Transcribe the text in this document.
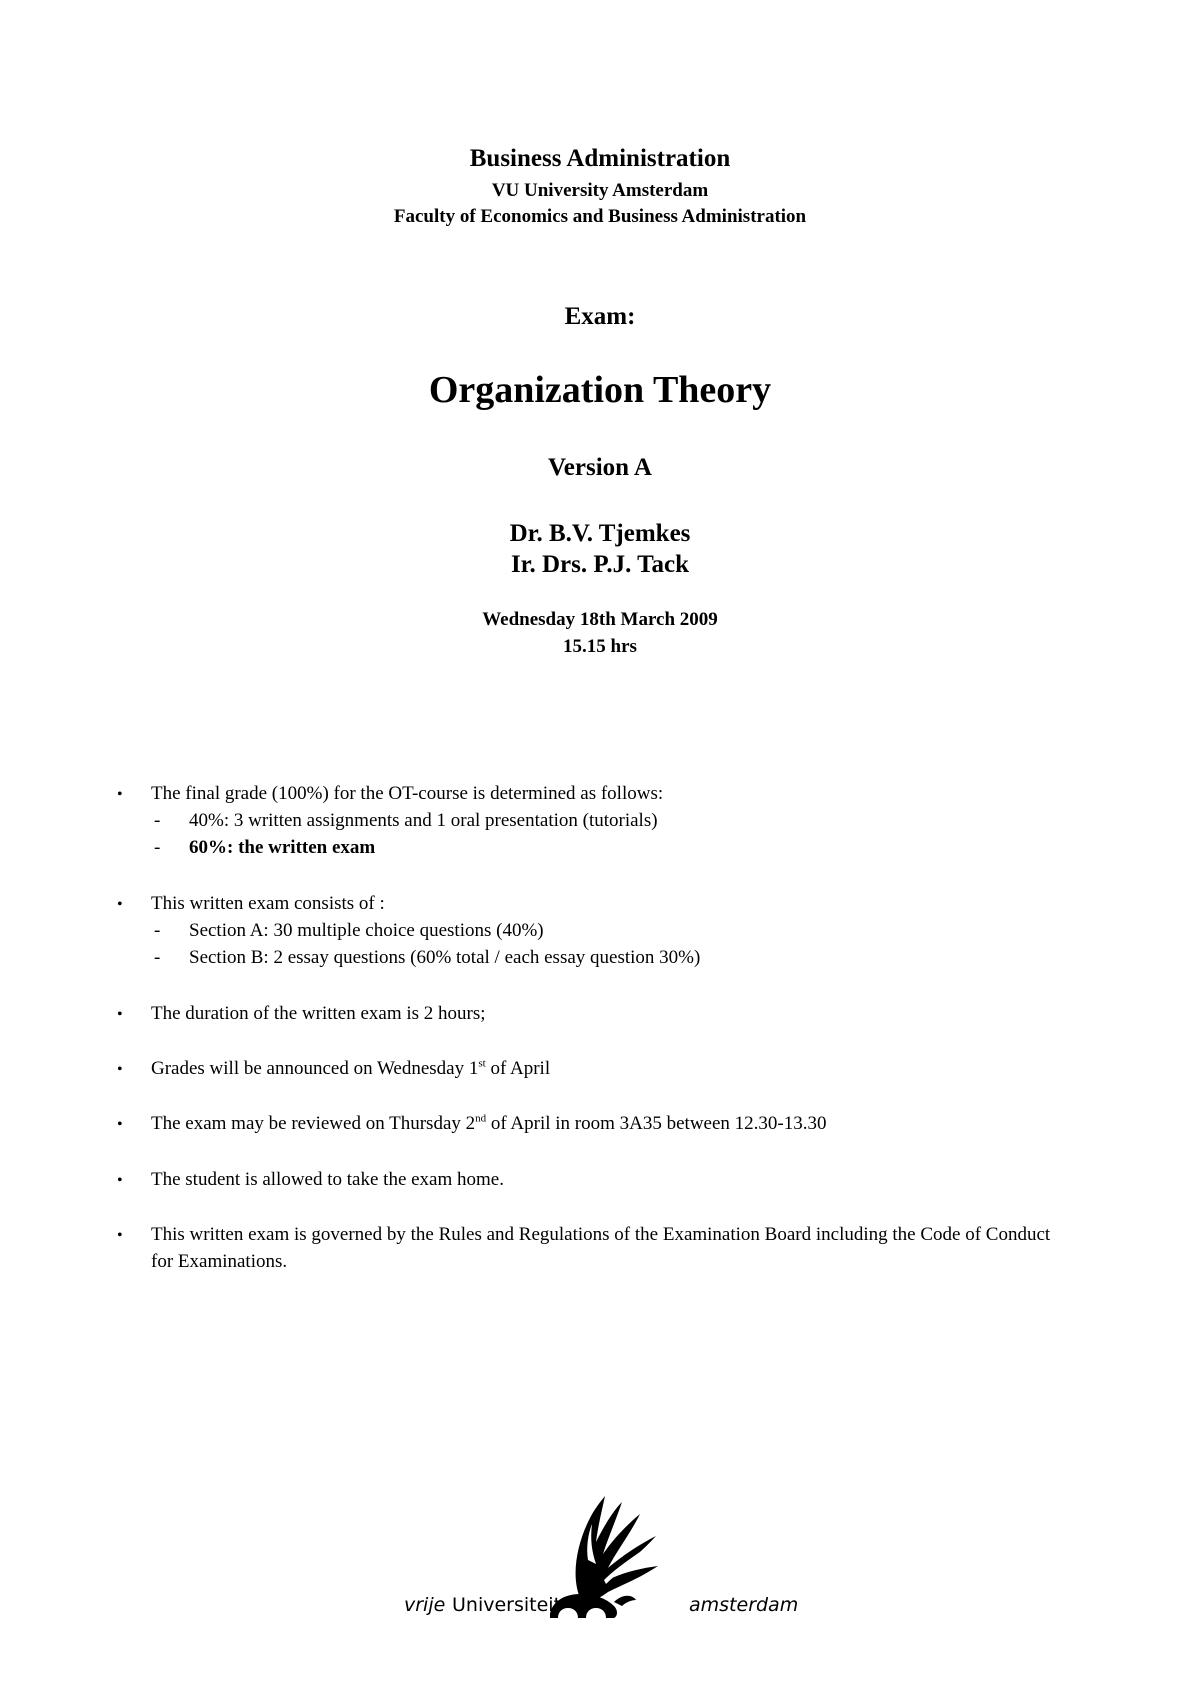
Business Administration
VU University Amsterdam
Faculty of Economics and Business Administration
Exam:
Organization Theory
Version A
Dr. B.V. Tjemkes
Ir. Drs. P.J. Tack
Wednesday 18th March 2009
15.15 hrs
• The final grade (100%) for the OT-course is determined as follows:
- 40%: 3 written assignments and 1 oral presentation (tutorials)
- 60%: the written exam
• This written exam consists of :
- Section A: 30 multiple choice questions (40%)
- Section B: 2 essay questions (60% total / each essay question 30%)
• The duration of the written exam is 2 hours;
• Grades will be announced on Wednesday 1st of April
• The exam may be reviewed on Thursday 2nd of April in room 3A35 between 12.30-13.30
• The student is allowed to take the exam home.
• This written exam is governed by the Rules and Regulations of the Examination Board including the Code of Conduct for Examinations.
vrije Universiteit	amsterdam
